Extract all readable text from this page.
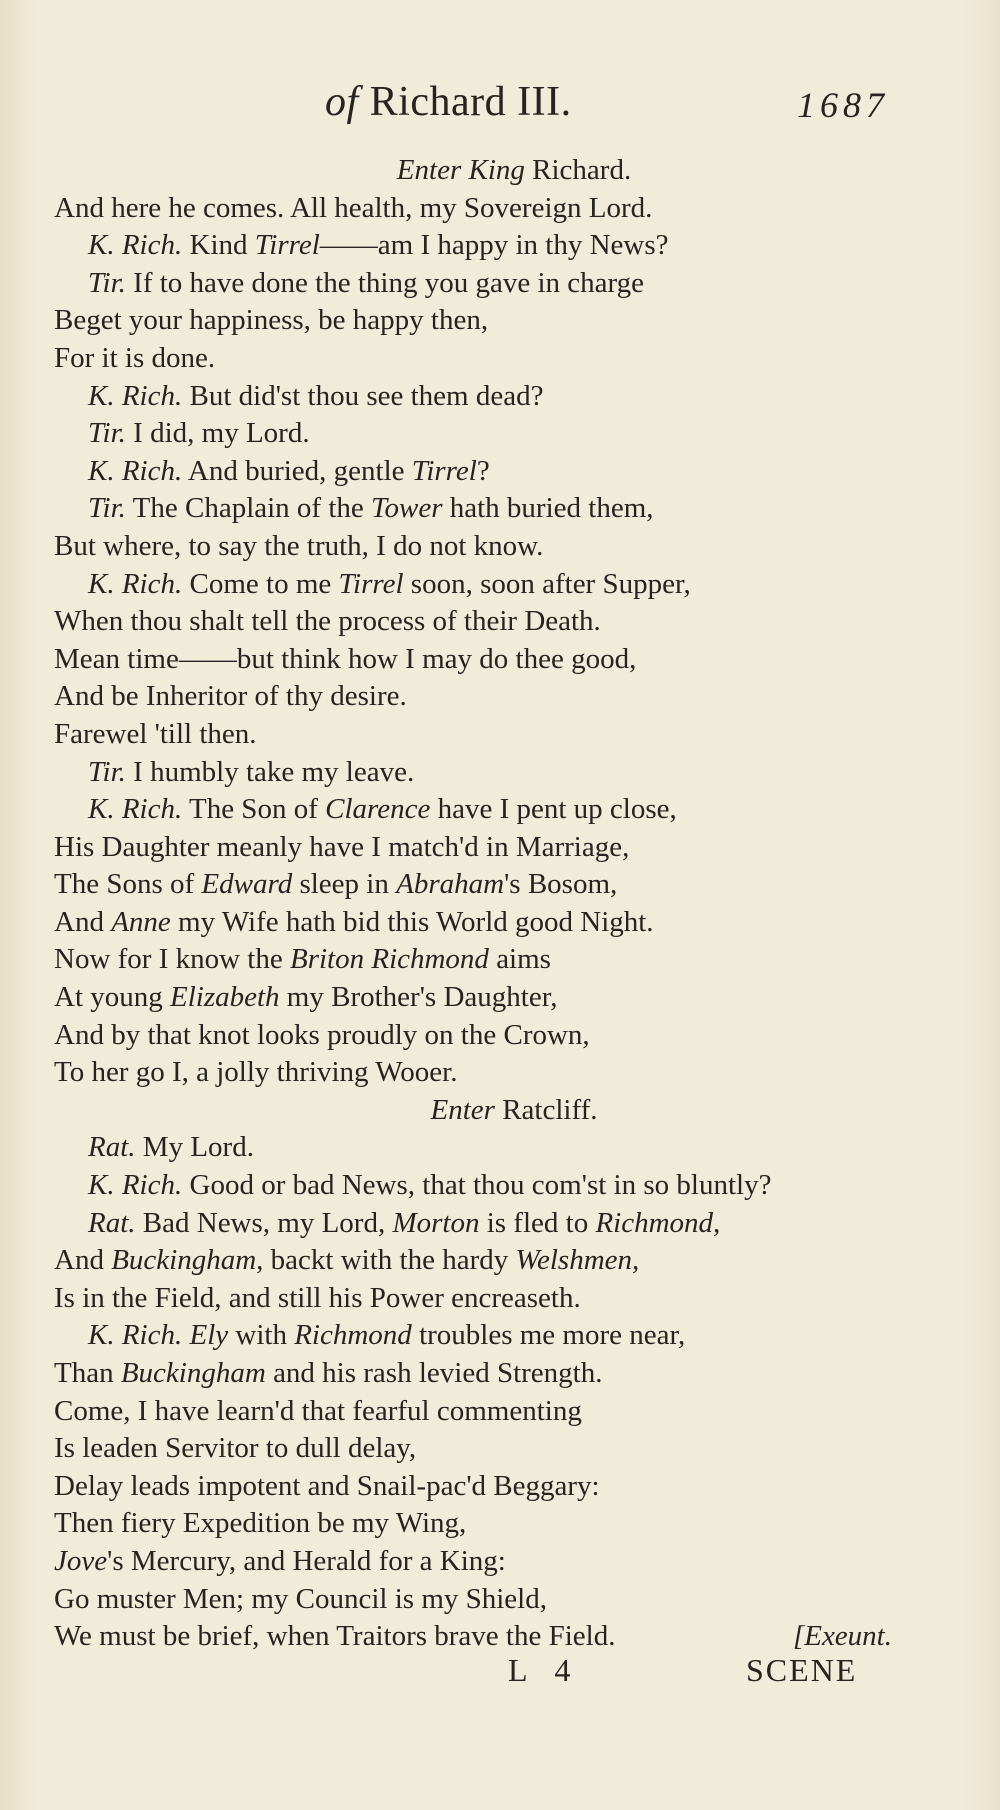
of Richard III.	1687
Enter King Richard.
And here he comes. All health, my Sovereign Lord.
K. Rich. Kind Tirrel——am I happy in thy News?
Tir. If to have done the thing you gave in charge
Beget your happiness, be happy then,
For it is done.
K. Rich. But did'st thou see them dead?
Tir. I did, my Lord.
K. Rich. And buried, gentle Tirrel?
Tir. The Chaplain of the Tower hath buried them,
But where, to say the truth, I do not know.
K. Rich. Come to me Tirrel soon, soon after Supper,
When thou shalt tell the process of their Death.
Mean time——but think how I may do thee good,
And be Inheritor of thy desire.
Farewel 'till then.
Tir. I humbly take my leave.
K. Rich. The Son of Clarence have I pent up close,
His Daughter meanly have I match'd in Marriage,
The Sons of Edward sleep in Abraham's Bosom,
And Anne my Wife hath bid this World good Night.
Now for I know the Briton Richmond aims
At young Elizabeth my Brother's Daughter,
And by that knot looks proudly on the Crown,
To her go I, a jolly thriving Wooer.
Enter Ratcliff.
Rat. My Lord.
K. Rich. Good or bad News, that thou com'st in so bluntly?
Rat. Bad News, my Lord, Morton is fled to Richmond,
And Buckingham, backt with the hardy Welshmen,
Is in the Field, and still his Power encreaseth.
K. Rich. Ely with Richmond troubles me more near,
Than Buckingham and his rash levied Strength.
Come, I have learn'd that fearful commenting
Is leaden Servitor to dull delay,
Delay leads impotent and Snail-pac'd Beggary:
Then fiery Expedition be my Wing,
Jove's Mercury, and Herald for a King:
Go muster Men; my Council is my Shield,
We must be brief, when Traitors brave the Field.	[Exeunt.
L 4	SCENE
